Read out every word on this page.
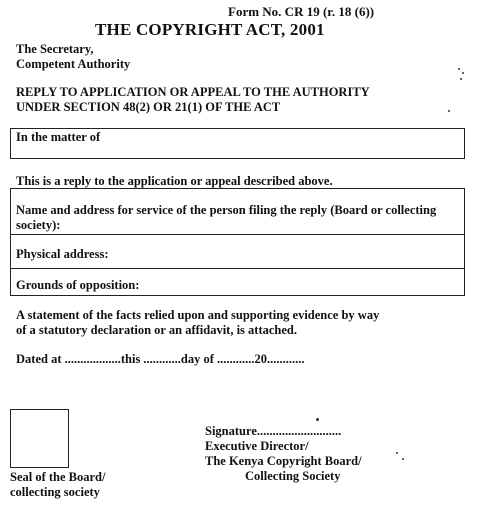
Form No. CR 19 (r. 18 (6))
THE COPYRIGHT ACT, 2001
The Secretary,
Competent Authority
REPLY TO APPLICATION OR APPEAL TO THE AUTHORITY
UNDER SECTION 48(2) OR 21(1) OF THE ACT
In the matter of
This is a reply to the application or appeal described above.
Name and address for service of the person filing the reply (Board or collecting society):
Physical address:
Grounds of opposition:
A statement of the facts relied upon and supporting evidence by way
of a statutory declaration or an affidavit, is attached.
Dated at ..................this ............day of ............20............
Seal of the Board/
collecting society
Signature...........................
Executive Director/
The Kenya Copyright Board/
Collecting Society
